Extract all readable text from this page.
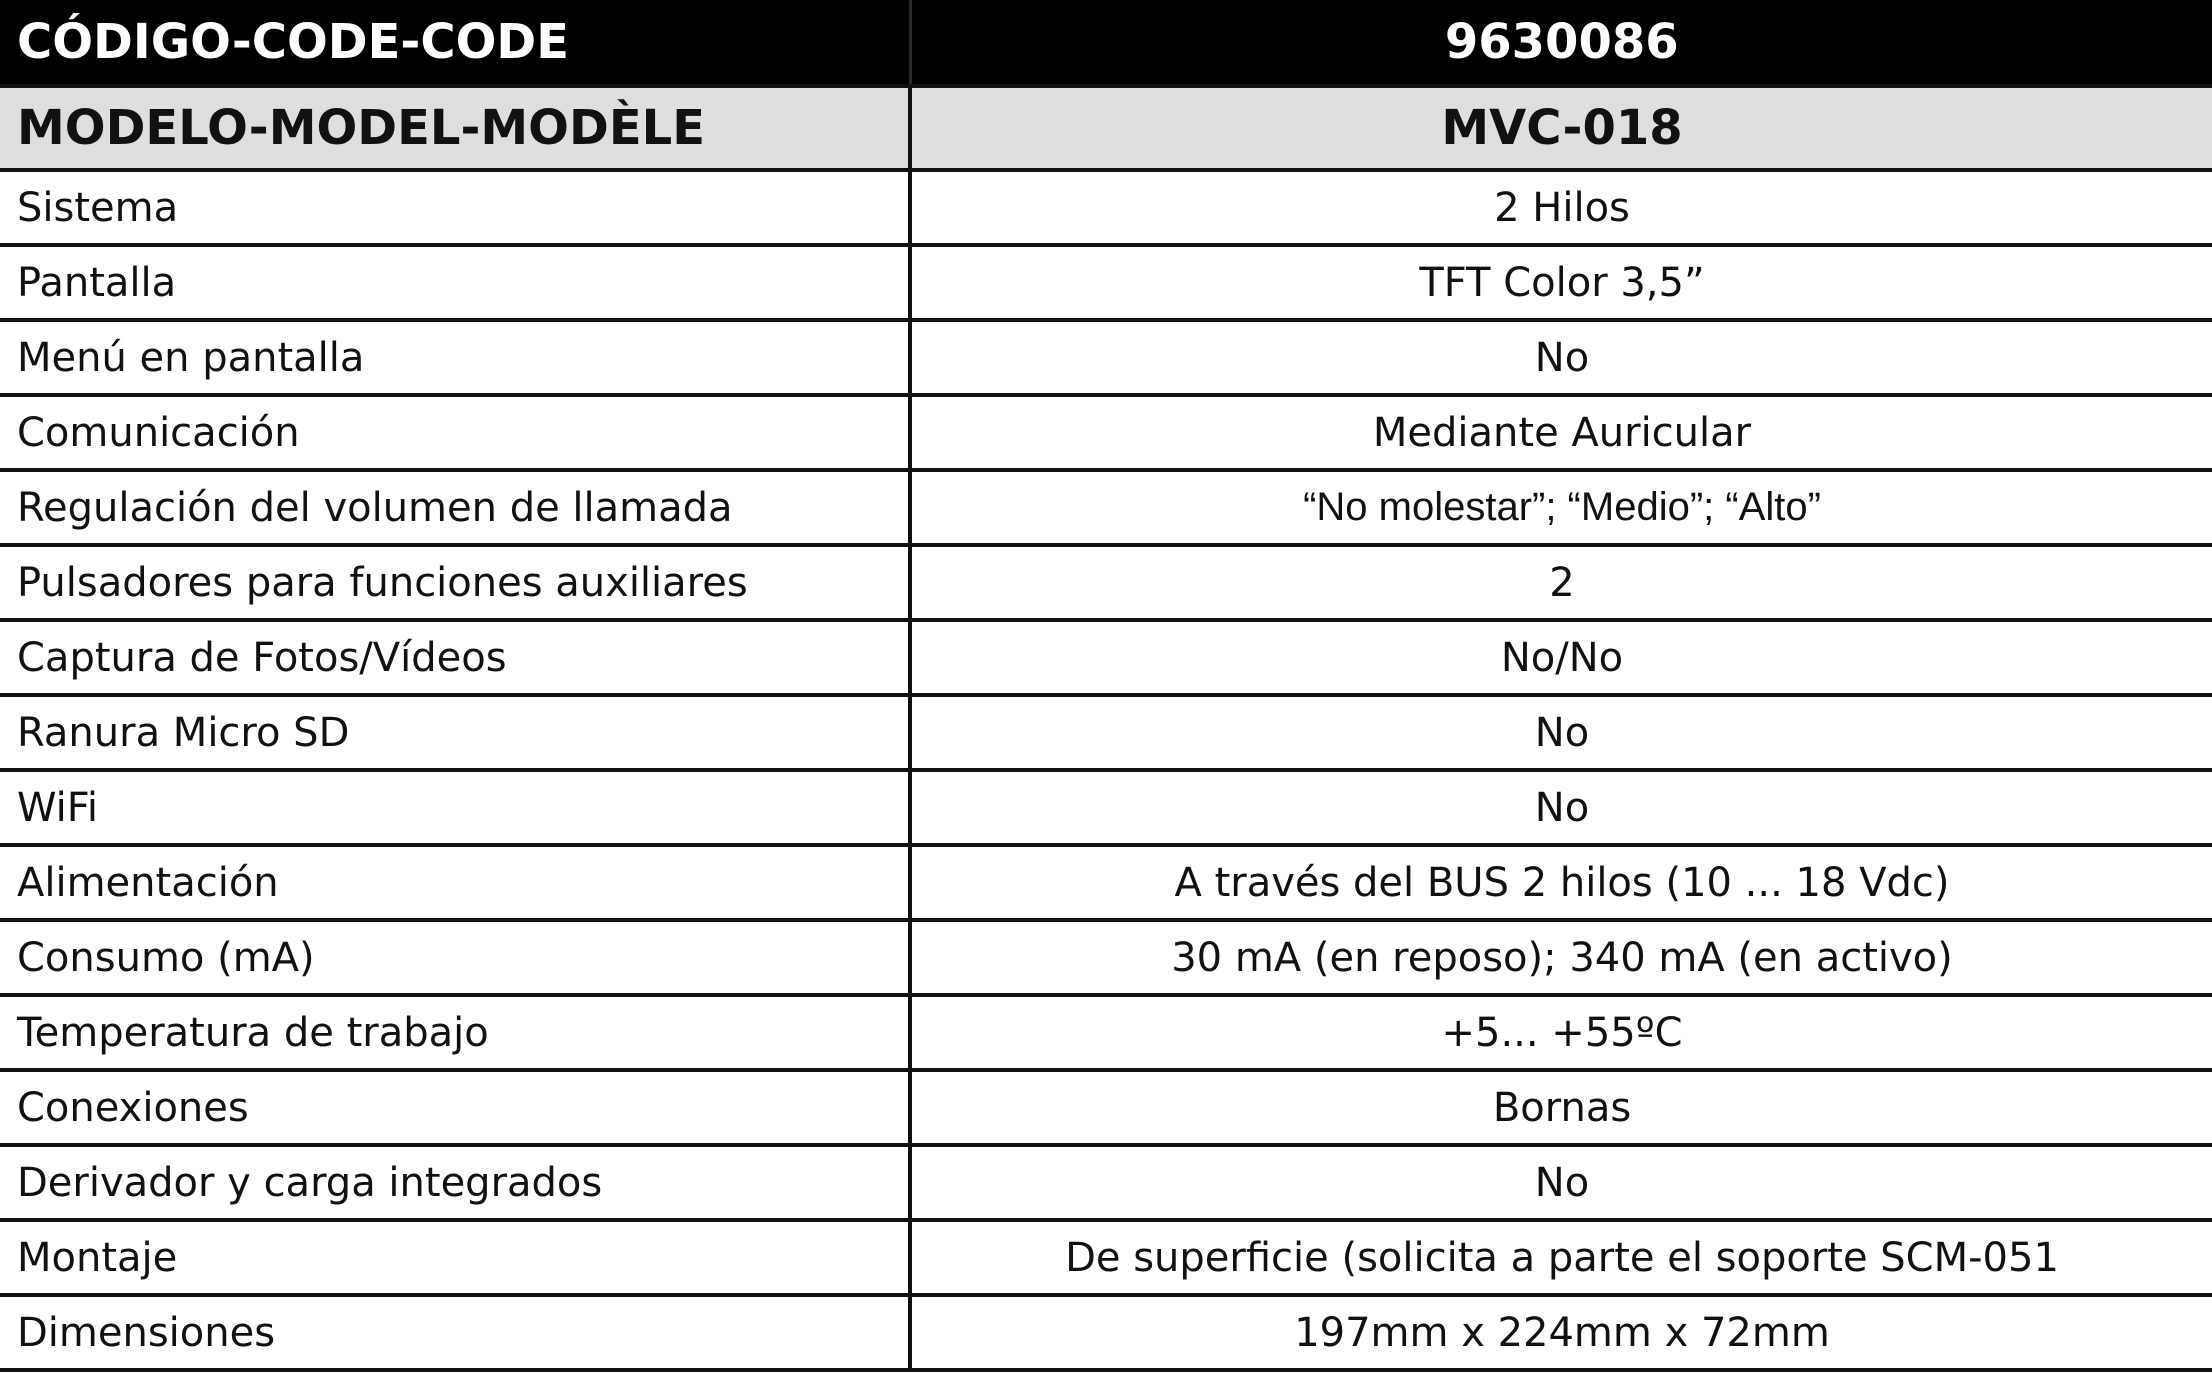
CÓDIGO-CODE-CODE	9630086
MODELO-MODEL-MODÈLE	MVC-018
Sistema	2 Hilos
Pantalla	TFT Color 3,5”
Menú en pantalla	No
Comunicación	Mediante Auricular
Regulación del volumen de llamada	“No molestar”; “Medio”; “Alto”
Pulsadores para funciones auxiliares	2
Captura de Fotos/Vídeos	No/No
Ranura Micro SD	No
WiFi	No
Alimentación	A través del BUS 2 hilos (10 ... 18 Vdc)
Consumo (mA)	30 mA (en reposo); 340 mA (en activo)
Temperatura de trabajo	+5... +55ºC
Conexiones	Bornas
Derivador y carga integrados	No
Montaje	De superficie (solicita a parte el soporte SCM-051
Dimensiones	197mm x 224mm x 72mm
